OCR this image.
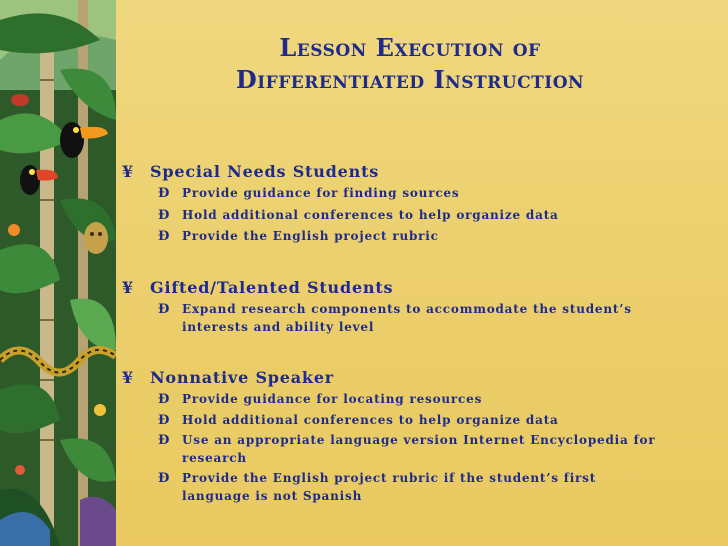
Lesson Execution of
Differentiated Instruction
¥ Special Needs Students
Ð Provide guidance for finding sources
Ð Hold additional conferences to help organize data
Ð Provide the English project rubric
¥ Gifted/Talented Students
Ð Expand research components to accommodate the student’s interests and ability level
¥ Nonnative Speaker
Ð Provide guidance for locating resources
Ð Hold additional conferences to help organize data
Ð Use an appropriate language version Internet Encyclopedia for research
Ð Provide the English project rubric if the student’s first language is not Spanish
